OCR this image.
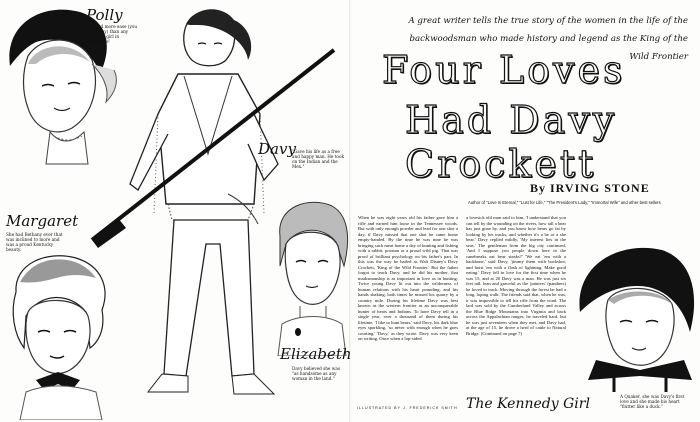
Polly
She had more ease (you might say) than any beautiful girl in Tennessee!
Davy
"Gave his life as a free and happy man. He took on the Indian and the Mex."
Margaret
She had Bethany ever that was inclined to more and was a proud Kentucky beauty.
Elizabeth
Davy believed she was "as handsome as any woman in the land."
A great writer tells the true story of the women in the life of the backwoodsman who made history and legend as the King of the Wild Frontier
Four Loves
Had Davy Crockett
By IRVING STONE
Author of "Love Is Eternal," "Lust for Life," "The President's Lady," "Immortal Wife" and other best sellers
When he was eight years old his father gave him a rifle and earned him loose in the Tennessee woods. But with only enough powder and lead for one shot a day, if Davy missed that one shot he came home empty-handed. By the time he was nine he was bringing such meat home a day of hunting and fishing with a rabbit, possum or a proud wild pig. That was proof of brilliant psychology on his father's part. In this was the way he hailed as Walt Disney's Davy Crockett, 'King of the Wild Frontier.' But the father forgot to teach Davy, and he did his mother, that marksmanship is as important in love as in hunting. Twice young Davy lit out into the wilderness of human relations with his heart pounding, and his hands shaking, both times he missed his quarry by a country mile. During his lifetime Davy was best known as the western frontier as an unconquerable hunter of bears and Indians. To have Davy tell in a single year, over a thousand of them during his lifetime. 'I like to hunt bears,' said Davy, his dark blue eyes sparkling, 'so never with enough when he goes courting.' 'Davy,' as they wrote. Davy was very keen on writing. Once when a lop-sided
a lovesick old man said to him, 'I understand that you can tell by the wounding on the rivers, how tall a bear has just gone by, and you know how bears go fat by looking by his tracks, and whether it's a he or a she bear.' Davy replied mildly, 'My interest lies in the seas.' The gentleman from the big city continued, 'And I suppose you people down here in the canebreaks eat bear steaks?' 'We eat 'em with a backbone,' said Davy, 'jimmy them with buckshot, and hoist 'em with a flash of lightning. Make good eating.' Davy fell in love for the first time when he was 15, and at 20 Davy was a man. He was just six feet tall, lean and graceful as the 'painters' (panthers) he loved to track. Moving through the forest he had a long, loping walk. The friends said that, when he was, it was impossible to tell his rifle from the wind. The lard was sold by the Cumberland Valley and across the Blue Ridge Mountains into Virginia and back across the Appalachian ranges, he traveled hard, but he was just seventeen when they met, and Davy had, at the age of 15, he drove a herd of cattle to Natural Bridge. (Continued on page 7)
The Kennedy Girl	A Quaker, she was Davy's first love and she made his heart "flutter like a duck."
ILLUSTRATED BY J. FREDERICK SMITH
